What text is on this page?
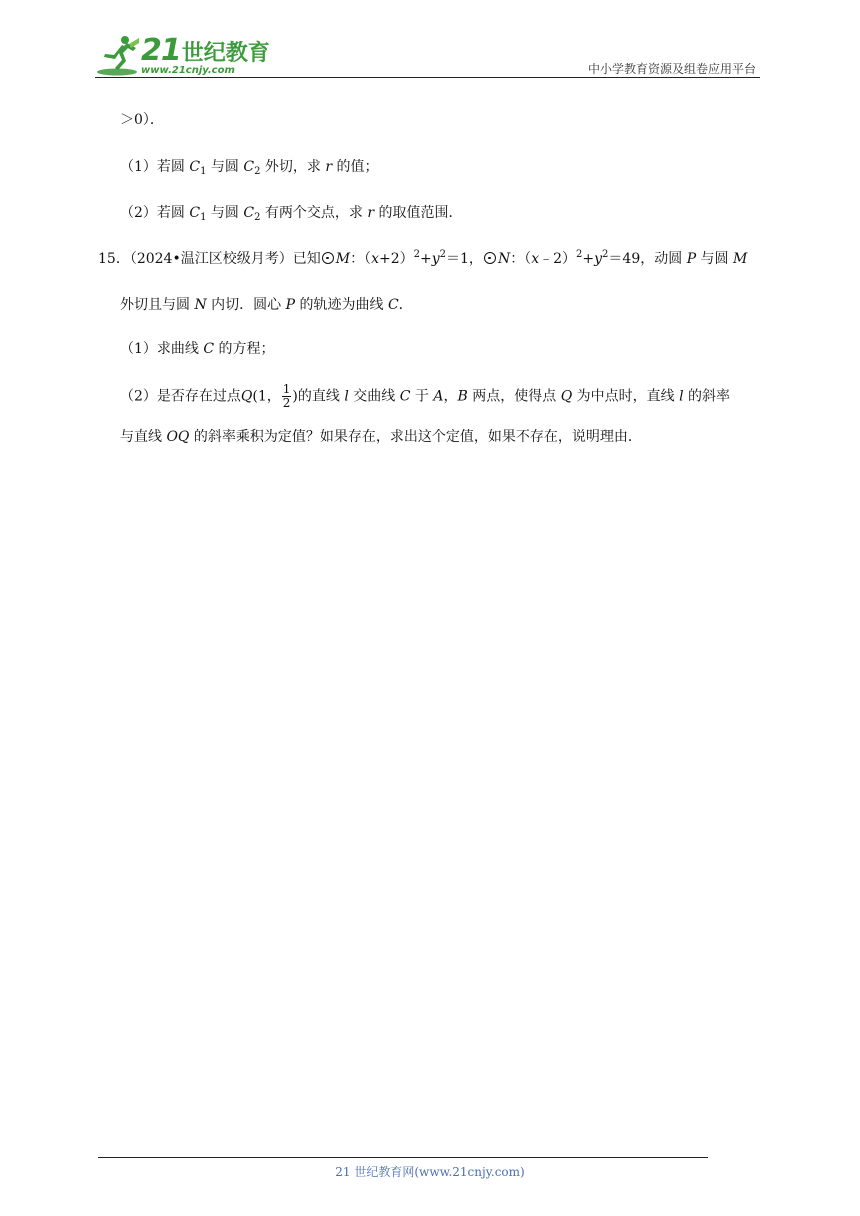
21世纪教育
www.21cnjy.com	中小学教育资源及组卷应用平台
＞0）．
（1）若圆 $C_1$ 与圆 $C_2$ 外切，求 r 的值；
（2）若圆 $C_1$ 与圆 $C_2$ 有两个交点，求 r 的取值范围．
15．（2024•温江区校级月考）已知 M：$(x+2)^2+y^2=1$， N：$(x﹣2)^2+y^2=49$，动圆 P 与圆 M
外切且与圆 N 内切．圆心 P 的轨迹为曲线 C．
（1）求曲线 C 的方程；
（2）是否存在过点Q(1， $\frac{1}{2}$ )的直线 l 交曲线 C 于 A，B 两点，使得点 Q 为中点时，直线 l 的斜率
与直线 OQ 的斜率乘积为定值？如果存在，求出这个定值，如果不存在，说明理由．
21 世纪教育网(www.21cnjy.com)
